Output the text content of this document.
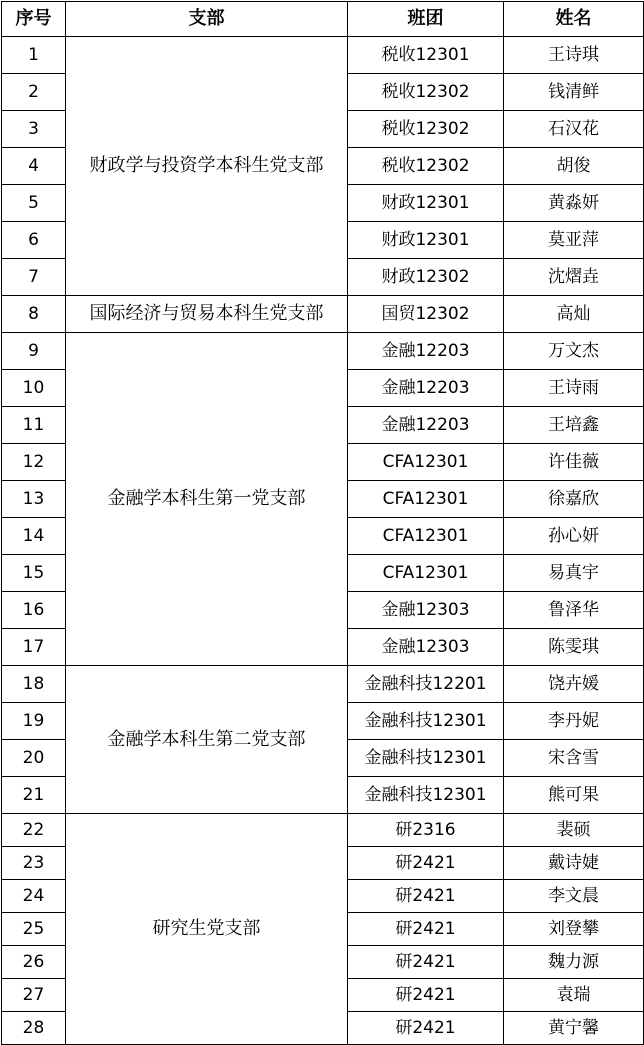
序号	支部	班团	姓名
1	财政学与投资学本科生党支部	税收12301	王诗琪
2		税收12302	钱清鲜
3		税收12302	石汉花
4		税收12302	胡俊
5		财政12301	黄淼妍
6		财政12301	莫亚萍
7		财政12302	沈熠垚
8	国际经济与贸易本科生党支部	国贸12302	高灿
9	金融学本科生第一党支部	金融12203	万文杰
10		金融12203	王诗雨
11		金融12203	王培鑫
12		CFA12301	许佳薇
13		CFA12301	徐嘉欣
14		CFA12301	孙心妍
15		CFA12301	易真宇
16		金融12303	鲁泽华
17		金融12303	陈雯琪
18	金融学本科生第二党支部	金融科技12201	饶卉媛
19		金融科技12301	李丹妮
20		金融科技12301	宋含雪
21		金融科技12301	熊可果
22	研究生党支部	研2316	裴硕
23		研2421	戴诗婕
24		研2421	李文晨
25		研2421	刘登攀
26		研2421	魏力源
27		研2421	袁瑞
28		研2421	黄宁馨
